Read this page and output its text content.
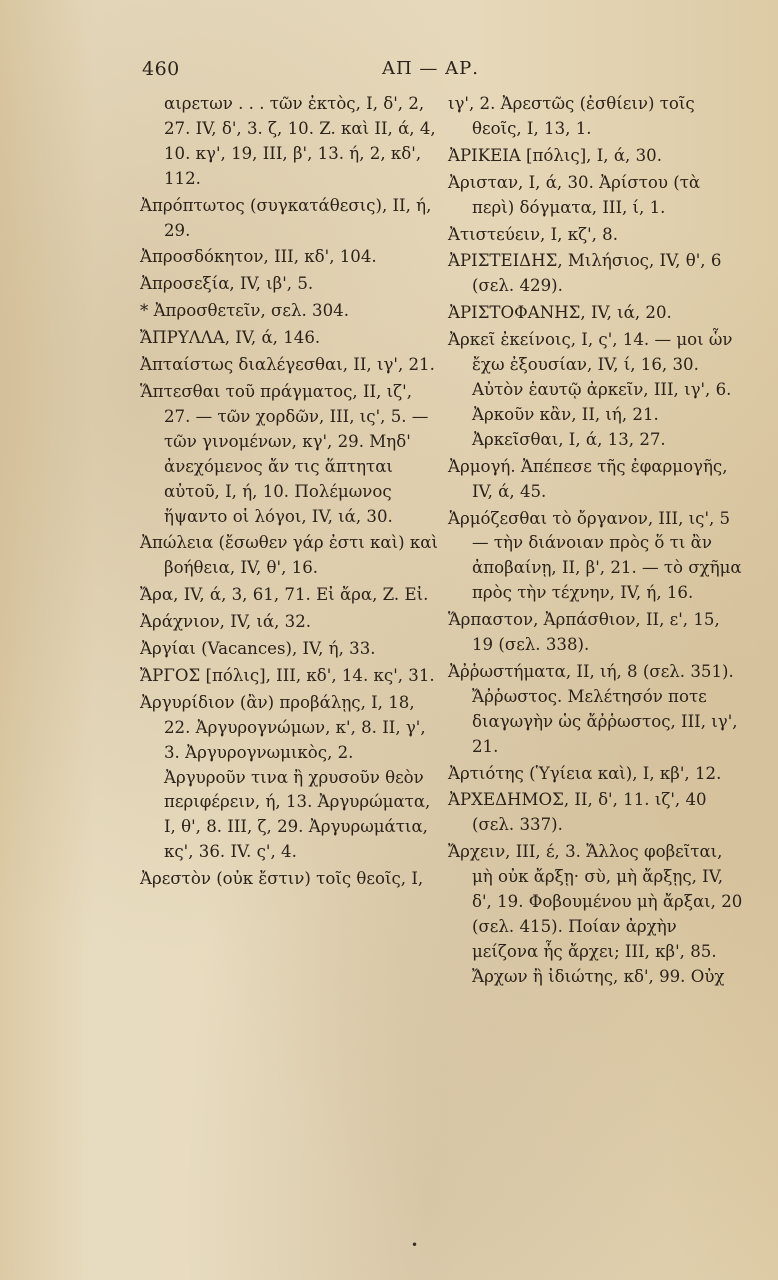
460	ΑΠ — ΑΡ.

αιρετων . . . τῶν ἐκτὸς, I, δ', 2, 27. IV, δ', 3. ζ, 10. Z. καὶ II, ά, 4, 10. κγ', 19, III, β', 13. ή, 2, κδ', 112.

Ἀπρόπτωτος (συγκατάθεσις), II, ή, 29.

Ἀπροσδόκητον, III, κδ', 104.

Ἀπροσεξία, IV, ιβ', 5.

* Ἀπροσθετεῖν, σελ. 304.

ἌΠΡΥΛΛΑ, IV, ά, 146.

Ἀπταίστως διαλέγεσθαι, II, ιγ', 21.

Ἅπτεσθαι τοῦ πράγματος, II, ιζ', 27. — τῶν χορδῶν, III, ις', 5. — τῶν γινομένων, κγ', 29. Μηδ' ἀνεχόμενος ἄν τις ἅπτηται αὐτοῦ, I, ή, 10. Πολέμωνος ἥψαντο οἱ λόγοι, IV, ιά, 30.

Ἀπώλεια (ἔσωθεν γάρ ἐστι καὶ) καὶ βοήθεια, IV, θ', 16.

Ἄρα, IV, ά, 3, 61, 71. Εἰ ἄρα, Z. Εἰ.

Ἀράχνιον, IV, ιά, 32.

Ἀργίαι (Vacances), IV, ή, 33.

ἌΡΓΟΣ [πόλις], III, κδ', 14. κς', 31.

Ἀργυρίδιον (ἂν) προβάλῃς, I, 18, 22. Ἀργυρογνώμων, κ', 8. II, γ', 3. Ἀργυρογνωμικὸς, 2. Ἀργυροῦν τινα ἢ χρυσοῦν θεὸν περιφέρειν, ή, 13. Ἀργυρώματα, I, θ', 8. III, ζ, 29. Ἀργυρωμάτια, κς', 36. IV. ς', 4.

Ἀρεστὸν (οὐκ ἔστιν) τοῖς θεοῖς, I,

ιγ', 2. Ἀρεστῶς (ἐσθίειν) τοῖς θεοῖς, I, 13, 1.

ἈΡΙΚΕΙΑ [πόλις], I, ά, 30.

Ἀρισταν, I, ά, 30. Ἀρίστου (τὰ περὶ) δόγματα, III, ί, 1.

Ἀτιστεύειν, I, κζ', 8.

ἈΡΙΣΤΕΙΔΗΣ, Μιλήσιος, IV, θ', 6 (σελ. 429).

ἈΡΙΣΤΟΦΑΝΗΣ, IV, ιά, 20.

Ἀρκεῖ ἐκείνοις, I, ς', 14. — μοι ὧν ἔχω ἐξουσίαν, IV, ί, 16, 30. Αὐτὸν ἑαυτῷ ἀρκεῖν, III, ιγ', 6. Ἀρκοῦν κἂν, II, ιή, 21. Ἀρκεῖσθαι, I, ά, 13, 27.

Ἀρμογή. Ἀπέπεσε τῆς ἐφαρμογῆς, IV, ά, 45.

Ἁρμόζεσθαι τὸ ὄργανον, III, ις', 5 — τὴν διάνοιαν πρὸς ὅ τι ἂν ἀποβαίνῃ, II, β', 21. — τὸ σχῆμα πρὸς τὴν τέχνην, IV, ή, 16.

Ἅρπαστον, Ἀρπάσθιον, II, ε', 15, 19 (σελ. 338).

Ἀῤῥωστήματα, II, ιή, 8 (σελ. 351). Ἄῤῥωστος. Μελέτησόν ποτε διαγωγὴν ὡς ἄῤῥωστος, III, ιγ', 21.

Ἀρτιότης (Ὑγίεια καὶ), I, κβ', 12.

ἈΡΧΕΔΗΜΟΣ, II, δ', 11. ιζ', 40 (σελ. 337).

Ἄρχειν, III, έ, 3. Ἄλλος φοβεῖται, μὴ οὐκ ἄρξῃ· σὺ, μὴ ἄρξῃς, IV, δ', 19. Φοβουμένου μὴ ἄρξαι, 20 (σελ. 415). Ποίαν ἀρχὴν μείζονα ἧς ἄρχει; III, κβ', 85. Ἄρχων ἢ ἰδιώτης, κδ', 99. Οὐχ

•
